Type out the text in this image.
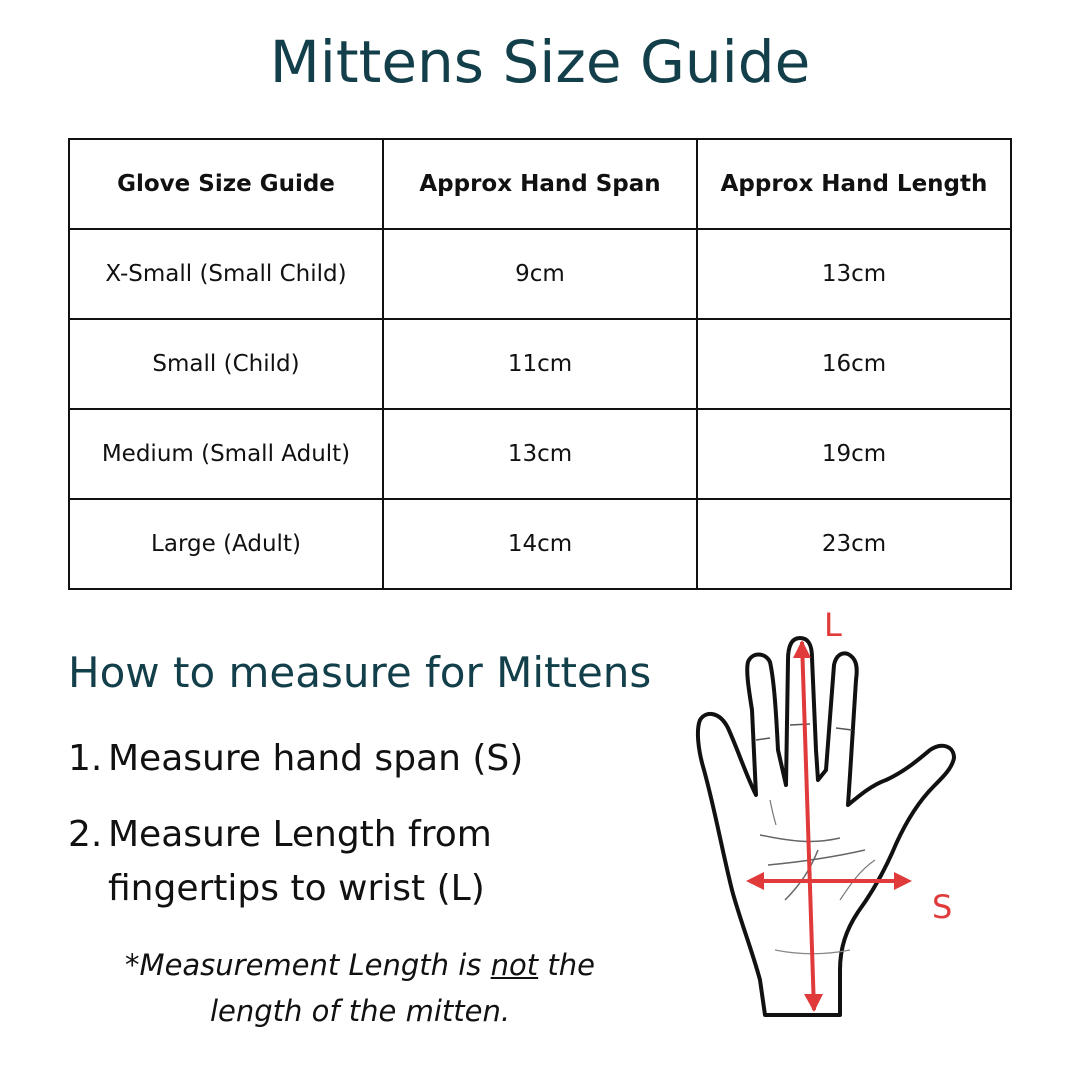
Mittens Size Guide
Glove Size Guide	Approx Hand Span	Approx Hand Length
X-Small (Small Child)	9cm	13cm
Small (Child)	11cm	16cm
Medium (Small Adult)	13cm	19cm
Large (Adult)	14cm	23cm
How to measure for Mittens
1. Measure hand span (S)
2. Measure Length from fingertips to wrist (L)
*Measurement Length is not the length of the mitten.
L
S
